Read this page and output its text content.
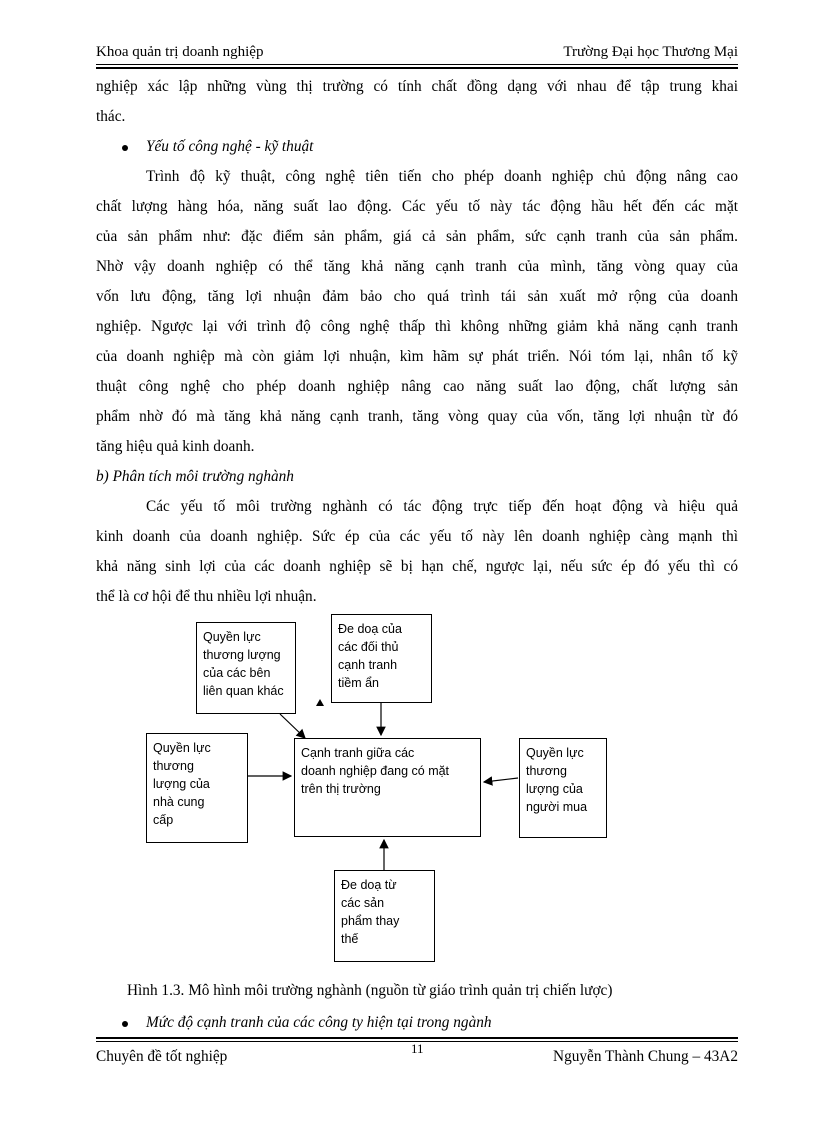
Khoa quản trị doanh nghiệp	Trường Đại học Thương Mại
nghiệp xác lập những vùng thị trường có tính chất đồng dạng với nhau để tập trung khai
thác.
Yếu tố công nghệ - kỹ thuật
Trình độ kỹ thuật, công nghệ tiên tiến cho phép doanh nghiệp chủ động nâng cao
chất lượng hàng hóa, năng suất lao động. Các yếu tố này tác động hầu hết đến các mặt
của sản phẩm như: đặc điểm sản phẩm, giá cả sản phẩm, sức cạnh tranh của sản phẩm.
Nhờ vậy doanh nghiệp có thể tăng khả năng cạnh tranh của mình, tăng vòng quay của
vốn lưu động, tăng lợi nhuận đảm bảo cho quá trình tái sản xuất mở rộng của doanh
nghiệp. Ngược lại với trình độ công nghệ thấp thì không những giảm khả năng cạnh tranh
của doanh nghiệp mà còn giảm lợi nhuận, kìm hãm sự phát triển. Nói tóm lại, nhân tố kỹ
thuật công nghệ cho phép doanh nghiệp nâng cao năng suất lao động, chất lượng sản
phẩm nhờ đó mà tăng khả năng cạnh tranh, tăng vòng quay của vốn, tăng lợi nhuận từ đó
tăng hiệu quả kinh doanh.
b) Phân tích môi trường nghành
Các yếu tố môi trường nghành có tác động trực tiếp đến hoạt động và hiệu quả
kinh doanh của doanh nghiệp. Sức ép của các yếu tố này lên doanh nghiệp càng mạnh thì
khả năng sinh lợi của các doanh nghiệp sẽ bị hạn chế, ngược lại, nếu sức ép đó yếu thì có
thể là cơ hội để thu nhiều lợi nhuận.
Quyền lực
thương lượng
của các bên
liên quan khác
Đe doạ của
các đối thủ
cạnh tranh
tiềm ẩn
Quyền lực
thương
lượng của
nhà cung
cấp
Cạnh tranh giữa các
doanh nghiệp đang có mặt
trên thị trường
Quyền lực
thương
lượng của
người mua
Đe doạ từ
các sản
phẩm thay
thế
Hình 1.3. Mô hình môi trường nghành (nguồn từ giáo trình quản trị chiến lược)
Mức độ cạnh tranh của các công ty hiện tại trong ngành
Chuyên đề tốt nghiệp	11	Nguyễn Thành Chung – 43A2
